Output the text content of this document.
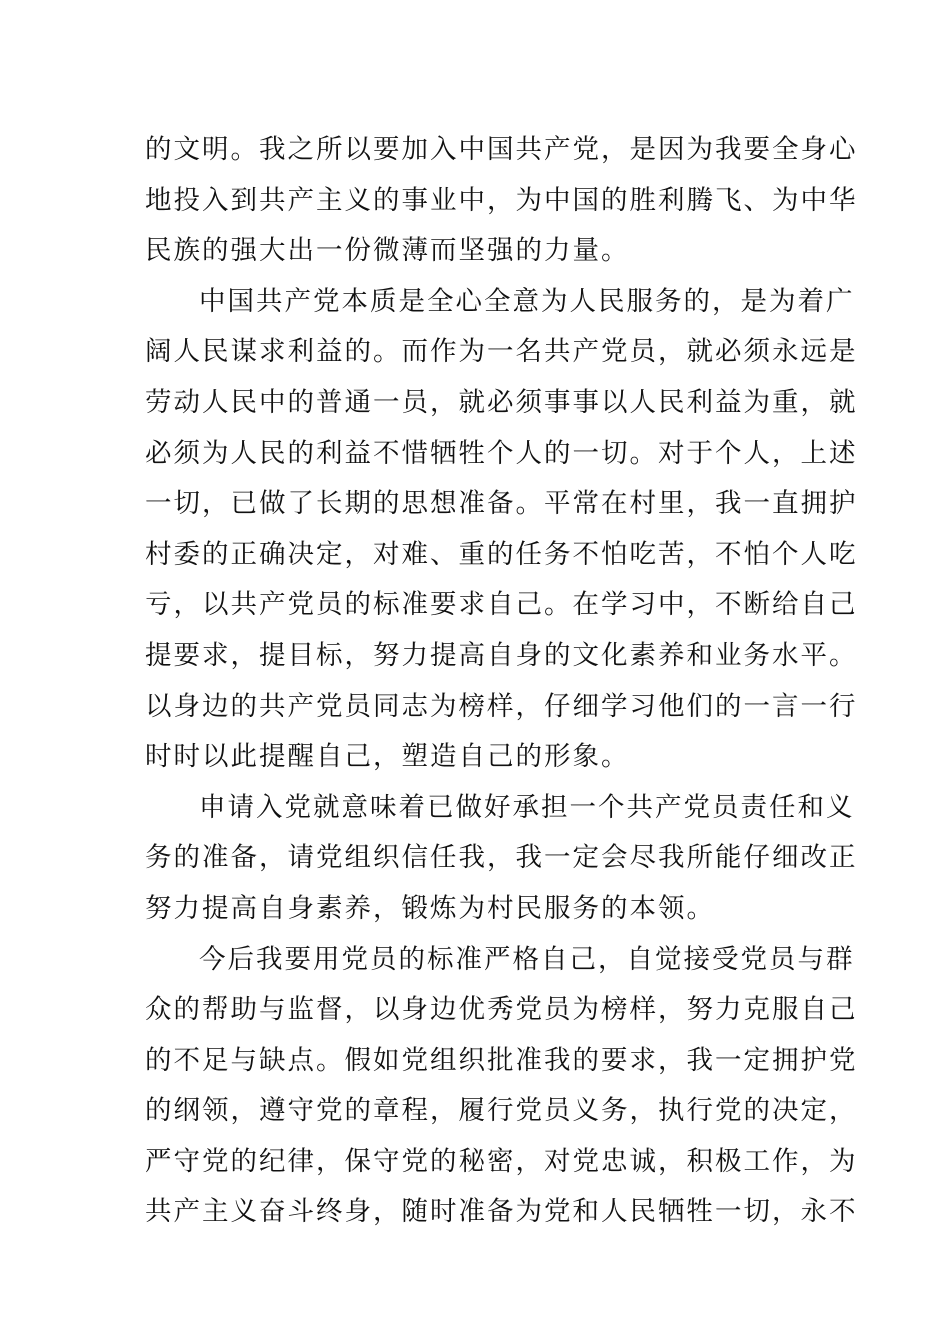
的文明。我之所以要加入中国共产党，是因为我要全身心
地投入到共产主义的事业中，为中国的胜利腾飞、为中华
民族的强大出一份微薄而坚强的力量。
中国共产党本质是全心全意为人民服务的，是为着广
阔人民谋求利益的。而作为一名共产党员，就必须永远是
劳动人民中的普通一员，就必须事事以人民利益为重，就
必须为人民的利益不惜牺牲个人的一切。对于个人，上述
一切，已做了长期的思想准备。平常在村里，我一直拥护
村委的正确决定，对难、重的任务不怕吃苦，不怕个人吃
亏，以共产党员的标准要求自己。在学习中，不断给自己
提要求，提目标，努力提高自身的文化素养和业务水平。
以身边的共产党员同志为榜样，仔细学习他们的一言一行
时时以此提醒自己，塑造自己的形象。
申请入党就意味着已做好承担一个共产党员责任和义
务的准备，请党组织信任我，我一定会尽我所能仔细改正
努力提高自身素养，锻炼为村民服务的本领。
今后我要用党员的标准严格自己，自觉接受党员与群
众的帮助与监督，以身边优秀党员为榜样，努力克服自己
的不足与缺点。假如党组织批准我的要求，我一定拥护党
的纲领，遵守党的章程，履行党员义务，执行党的决定，
严守党的纪律，保守党的秘密，对党忠诚，积极工作，为
共产主义奋斗终身，随时准备为党和人民牺牲一切，永不
